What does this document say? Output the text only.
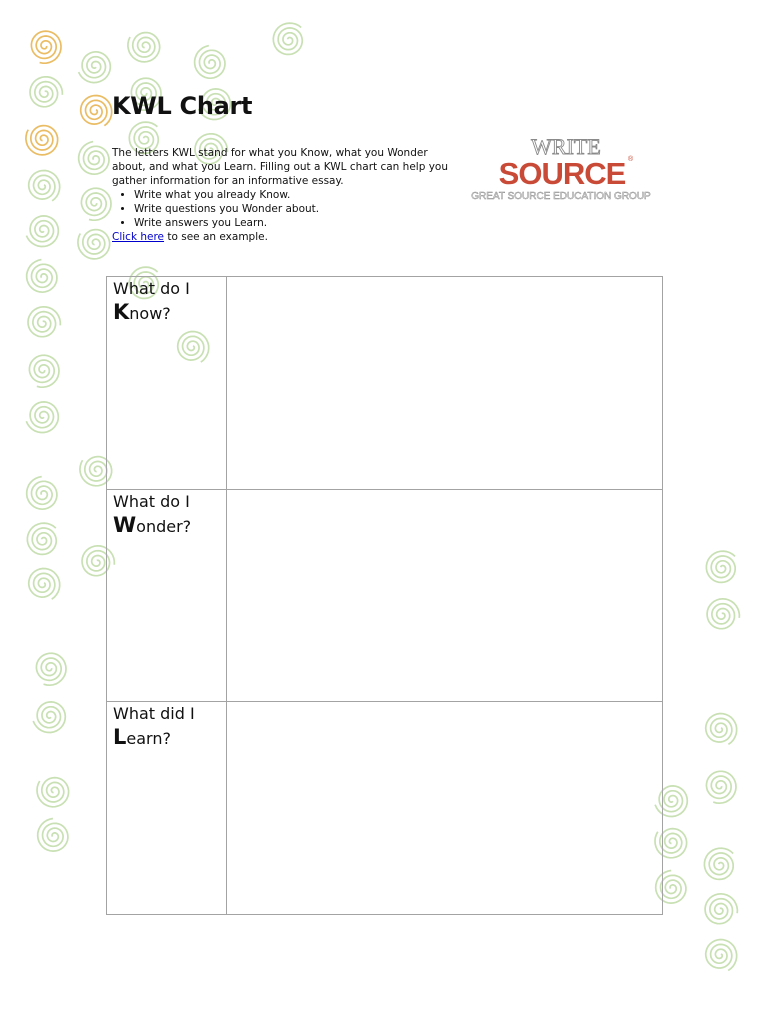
KWL Chart

The letters KWL stand for what you Know, what you Wonder about, and what you Learn. Filling out a KWL chart can help you gather information for an informative essay.

• Write what you already Know.
• Write questions you Wonder about.
• Write answers you Learn.

Click here to see an example.

WRITE
SOURCE ®
GREAT SOURCE EDUCATION GROUP
What do I
Know?	

What do I
Wonder?	

What did I
Learn?	
